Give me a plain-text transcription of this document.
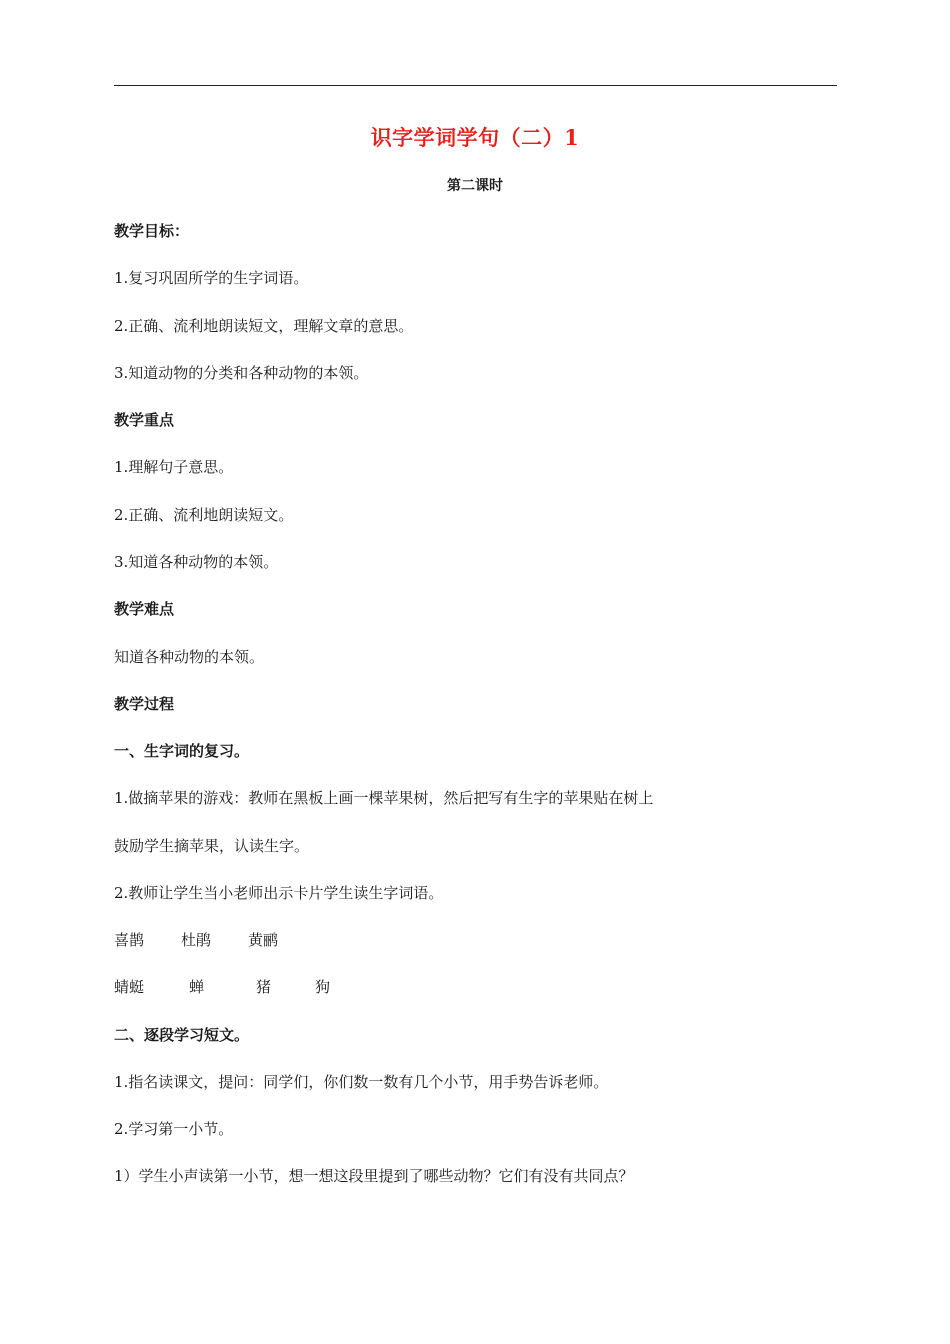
识字学词学句（二）1
第二课时
教学目标：
1.复习巩固所学的生字词语。
2.正确、流利地朗读短文，理解文章的意思。
3.知道动物的分类和各种动物的本领。
教学重点
1.理解句子意思。
2.正确、流利地朗读短文。
3.知道各种动物的本领。
教学难点
知道各种动物的本领。
教学过程
一、生字词的复习。
1.做摘苹果的游戏：教师在黑板上画一棵苹果树，然后把写有生字的苹果贴在树上
鼓励学生摘苹果，认读生字。
2.教师让学生当小老师出示卡片学生读生字词语。
喜鹊 杜鹃 黄鹂
蜻蜓	蝉	猪	狗
二、逐段学习短文。
1.指名读课文，提问：同学们，你们数一数有几个小节，用手势告诉老师。
2.学习第一小节。
1）学生小声读第一小节，想一想这段里提到了哪些动物？它们有没有共同点？
